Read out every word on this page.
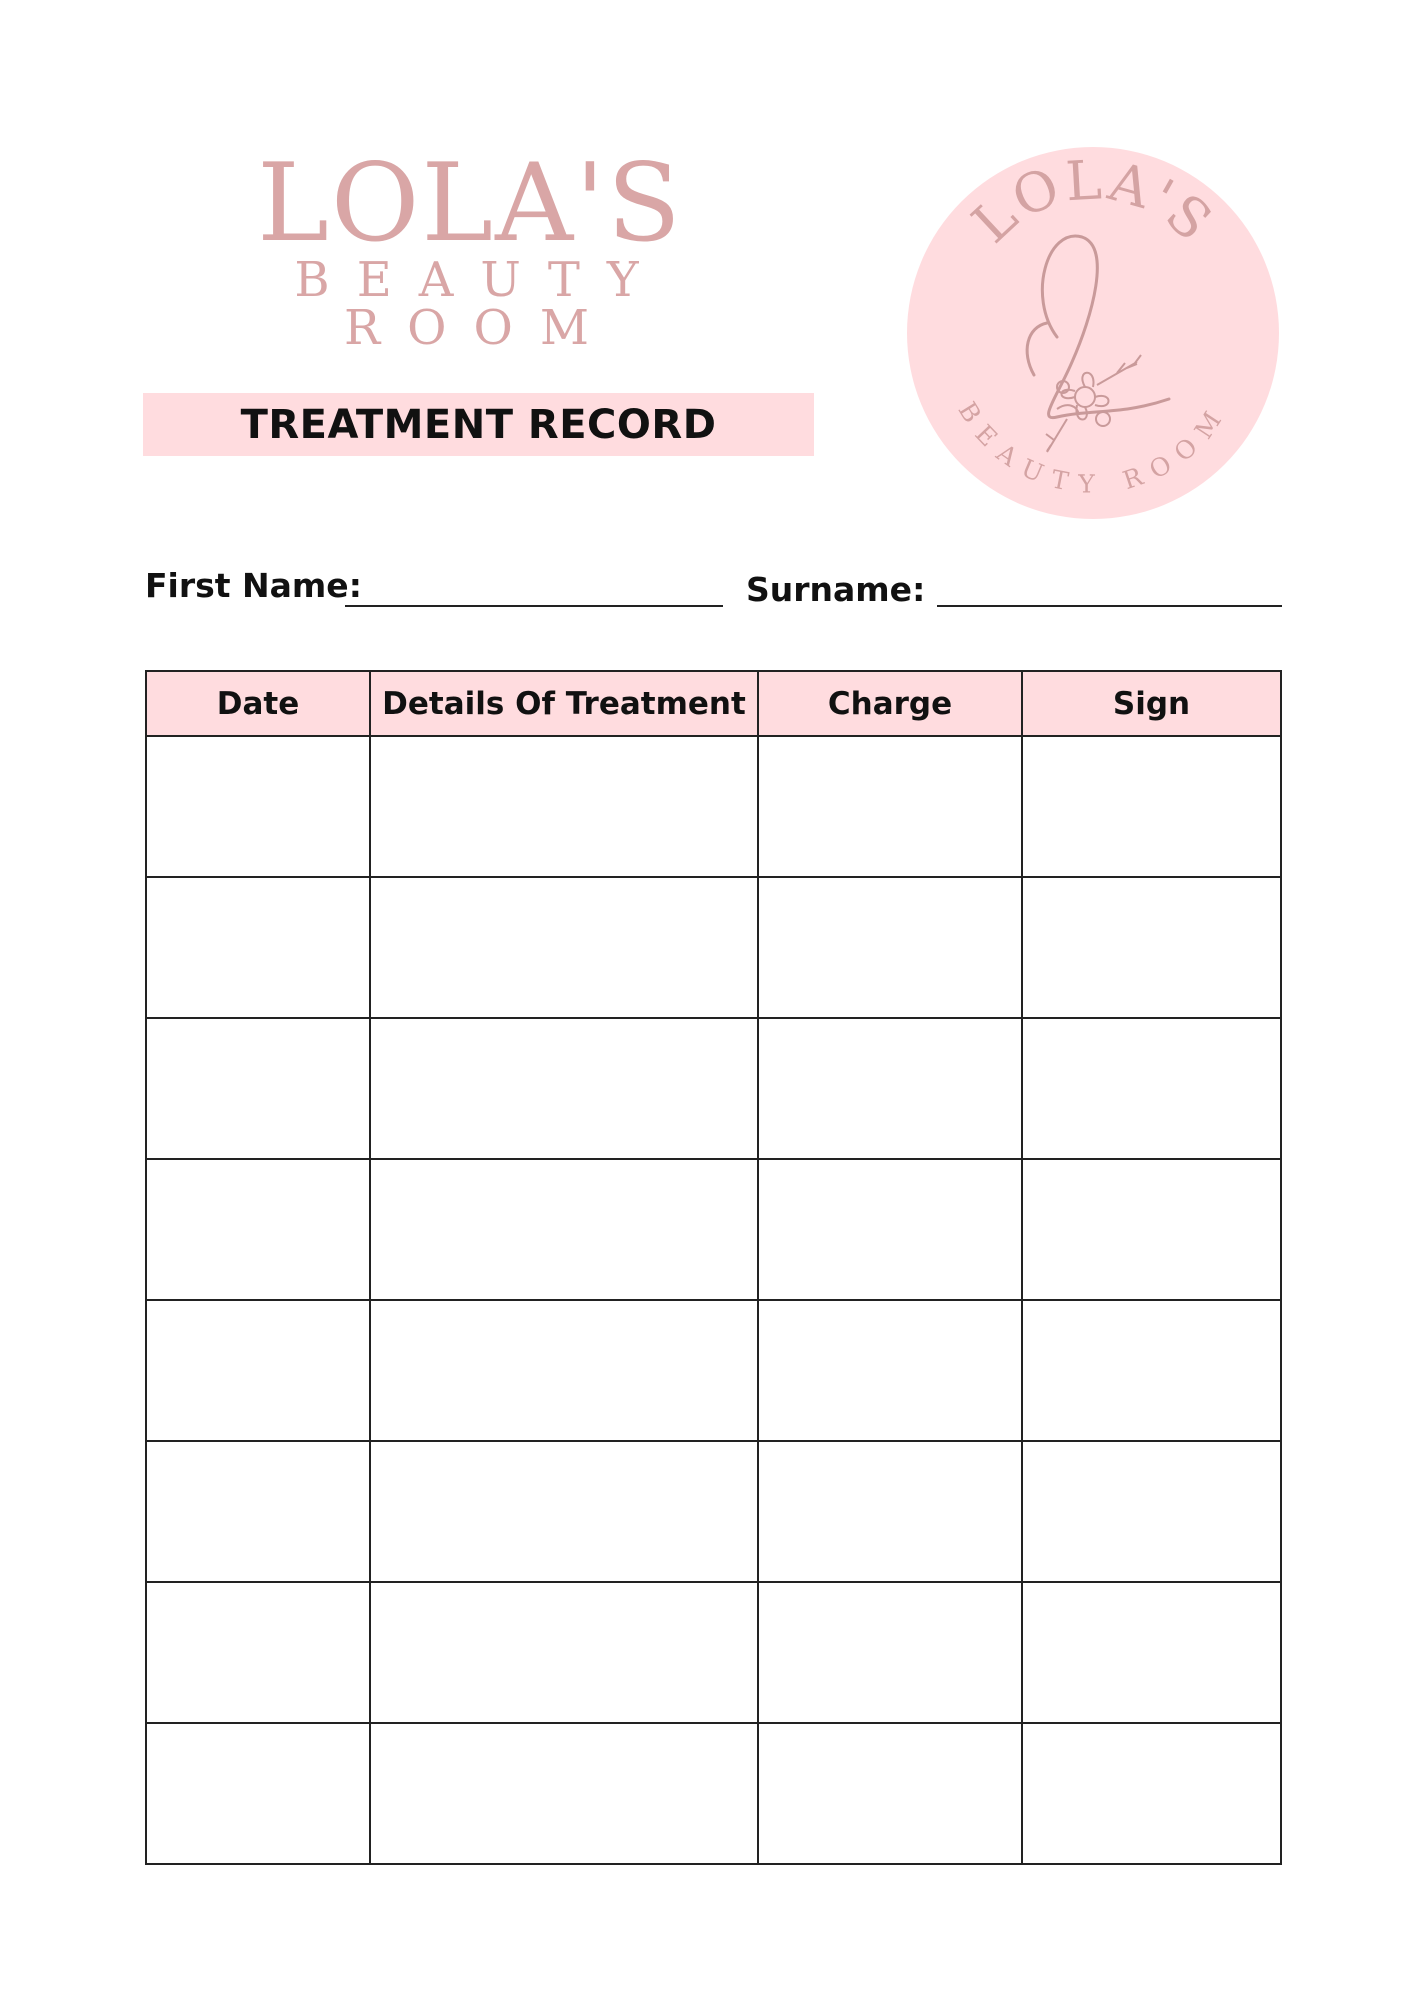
LOLA'S
BEAUTY ROOM
TREATMENT RECORD
LOLA'S
BEAUTY ROOM
First Name:	Surname:
Date	Details Of Treatment	Charge	Sign
